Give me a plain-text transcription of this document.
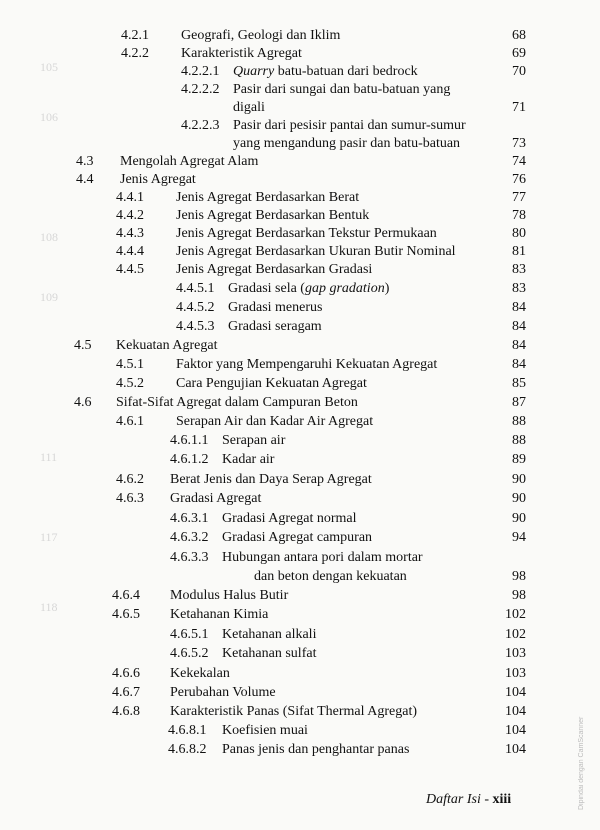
105
106
108
109
111
117
118
4.2.1 Geografi, Geologi dan Iklim	68
4.2.2 Karakteristik Agregat	69
4.2.2.1 Quarry batu-batuan dari bedrock	70
4.2.2.2 Pasir dari sungai dan batu-batuan yang
digali	71
4.2.2.3 Pasir dari pesisir pantai dan sumur-sumur
yang mengandung pasir dan batu-batuan	73
4.3 Mengolah Agregat Alam	74
4.4 Jenis Agregat	76
4.4.1 Jenis Agregat Berdasarkan Berat	77
4.4.2 Jenis Agregat Berdasarkan Bentuk	78
4.4.3 Jenis Agregat Berdasarkan Tekstur Permukaan	80
4.4.4 Jenis Agregat Berdasarkan Ukuran Butir Nominal	81
4.4.5 Jenis Agregat Berdasarkan Gradasi	83
4.4.5.1 Gradasi sela (gap gradation)	83
4.4.5.2 Gradasi menerus	84
4.4.5.3 Gradasi seragam	84
4.5 Kekuatan Agregat	84
4.5.1 Faktor yang Mempengaruhi Kekuatan Agregat	84
4.5.2 Cara Pengujian Kekuatan Agregat	85
4.6 Sifat-Sifat Agregat dalam Campuran Beton	87
4.6.1 Serapan Air dan Kadar Air Agregat	88
4.6.1.1 Serapan air	88
4.6.1.2 Kadar air	89
4.6.2 Berat Jenis dan Daya Serap Agregat	90
4.6.3 Gradasi Agregat	90
4.6.3.1 Gradasi Agregat normal	90
4.6.3.2 Gradasi Agregat campuran	94
4.6.3.3 Hubungan antara pori dalam mortar
dan beton dengan kekuatan	98
4.6.4 Modulus Halus Butir	98
4.6.5 Ketahanan Kimia	102
4.6.5.1 Ketahanan alkali	102
4.6.5.2 Ketahanan sulfat	103
4.6.6 Kekekalan	103
4.6.7 Perubahan Volume	104
4.6.8 Karakteristik Panas (Sifat Thermal Agregat)	104
4.6.8.1 Koefisien muai	104
4.6.8.2 Panas jenis dan penghantar panas	104
Daftar Isi - xiii	Dipindai dengan CamScanner
